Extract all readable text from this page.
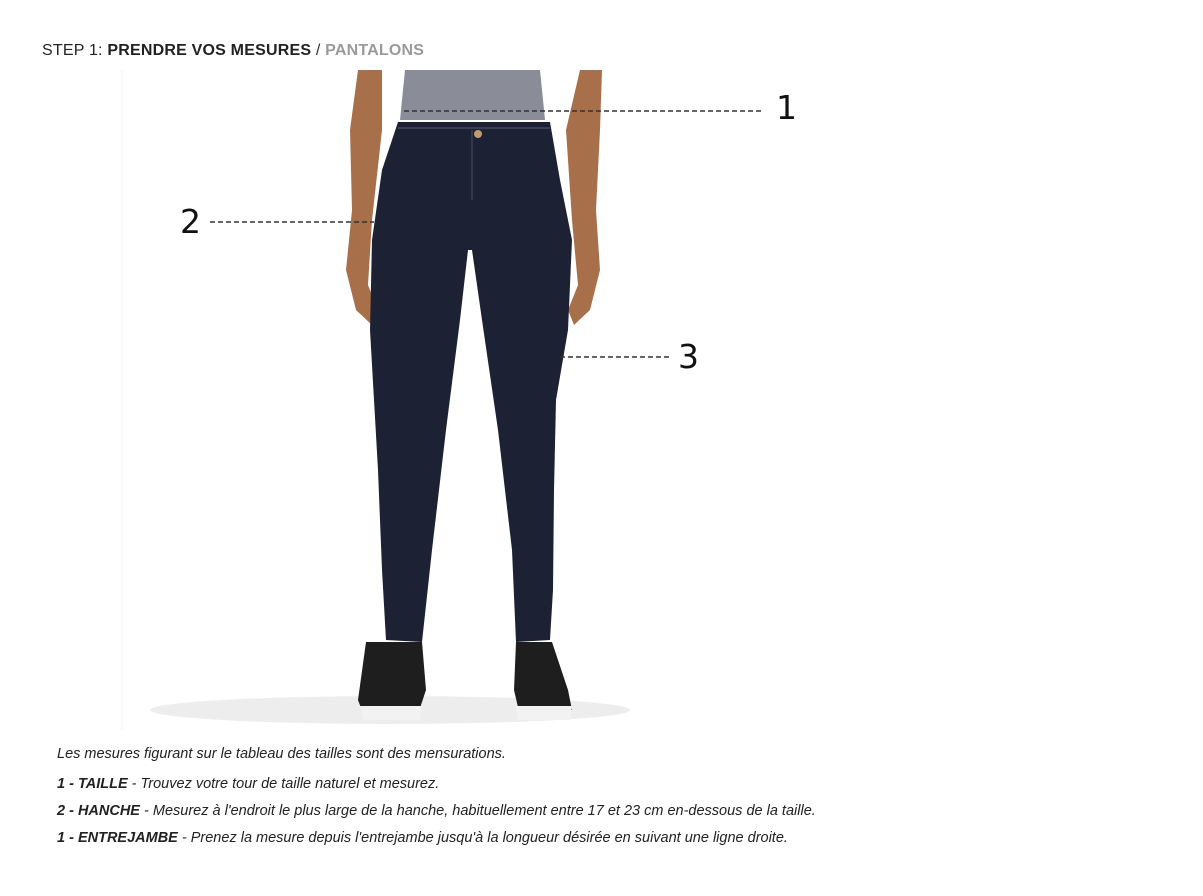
STEP 1: PRENDRE VOS MESURES / PANTALONS
1
2
3

Les mesures figurant sur le tableau des tailles sont des mensurations.

1 - TAILLE - Trouvez votre tour de taille naturel et mesurez.

2 - HANCHE - Mesurez à l'endroit le plus large de la hanche, habituellement entre 17 et 23 cm en-dessous de la taille.

1 - ENTREJAMBE - Prenez la mesure depuis l'entrejambe jusqu'à la longueur désirée en suivant une ligne droite.
